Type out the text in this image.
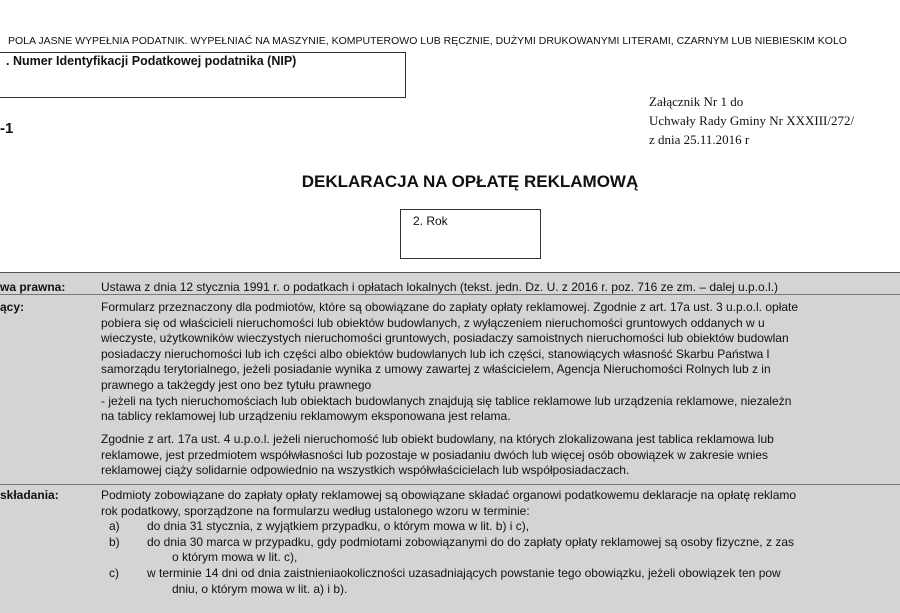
POLA JASNE WYPEŁNIA PODATNIK. WYPEŁNIAĆ NA MASZYNIE, KOMPUTEROWO LUB RĘCZNIE, DUŻYMI DRUKOWANYMI LITERAMI, CZARNYM LUB NIEBIESKIM KOLO
. Numer Identyfikacji Podatkowej podatnika (NIP)
-1
Załącznik Nr 1 do
Uchwały Rady Gminy Nr XXXIII/272/
z dnia 25.11.2016 r
DEKLARACJA NA OPŁATĘ REKLAMOWĄ
2. Rok
wa prawna:	Ustawa z dnia 12 stycznia 1991 r. o podatkach i opłatach lokalnych (tekst. jedn. Dz. U. z 2016 r. poz. 716 ze zm. – dalej u.p.o.l.)
ący:	Formularz przeznaczony dla podmiotów, które są obowiązane do zapłaty opłaty reklamowej. Zgodnie z art. 17a ust. 3 u.p.o.l. opłate
pobiera się od właścicieli nieruchomości lub obiektów budowlanych, z wyłączeniem nieruchomości gruntowych oddanych w u
wieczyste, użytkowników wieczystych nieruchomości gruntowych, posiadaczy samoistnych nieruchomości lub obiektów budowlan
posiadaczy nieruchomości lub ich części albo obiektów budowlanych lub ich części, stanowiących własność Skarbu Państwa l
samorządu terytorialnego, jeżeli posiadanie wynika z umowy zawartej z właścicielem, Agencja Nieruchomości Rolnych lub z in
prawnego a takżegdy jest ono bez tytułu prawnego
- jeżeli na tych nieruchomościach lub obiektach budowlanych znajdują się tablice reklamowe lub urządzenia reklamowe, niezależn
na tablicy reklamowej lub urządzeniu reklamowym eksponowana jest relama.
Zgodnie z art. 17a ust. 4 u.p.o.l. jeżeli nieruchomość lub obiekt budowlany, na których zlokalizowana jest tablica reklamowa lub
reklamowe, jest przedmiotem współwłasności lub pozostaje w posiadaniu dwóch lub więcej osób obowiązek w zakresie wnies
reklamowej ciąży solidarnie odpowiednio na wszystkich współwłaścicielach lub współposiadaczach.
składania:	Podmioty zobowiązane do zapłaty opłaty reklamowej są obowiązane składać organowi podatkowemu deklaracje na opłatę reklamo
rok podatkowy, sporządzone na formularzu według ustalonego wzoru w terminie:
a) do dnia 31 stycznia, z wyjątkiem przypadku, o którym mowa w lit. b) i c),
b) do dnia 30 marca w przypadku, gdy podmiotami zobowiązanymi do do zapłaty opłaty reklamowej są osoby fizyczne, z zas
o którym mowa w lit. c),
c) w terminie 14 dni od dnia zaistnieniaokoliczności uzasadniających powstanie tego obowiązku, jeżeli obowiązek ten pow
dniu, o którym mowa w lit. a) i b).
